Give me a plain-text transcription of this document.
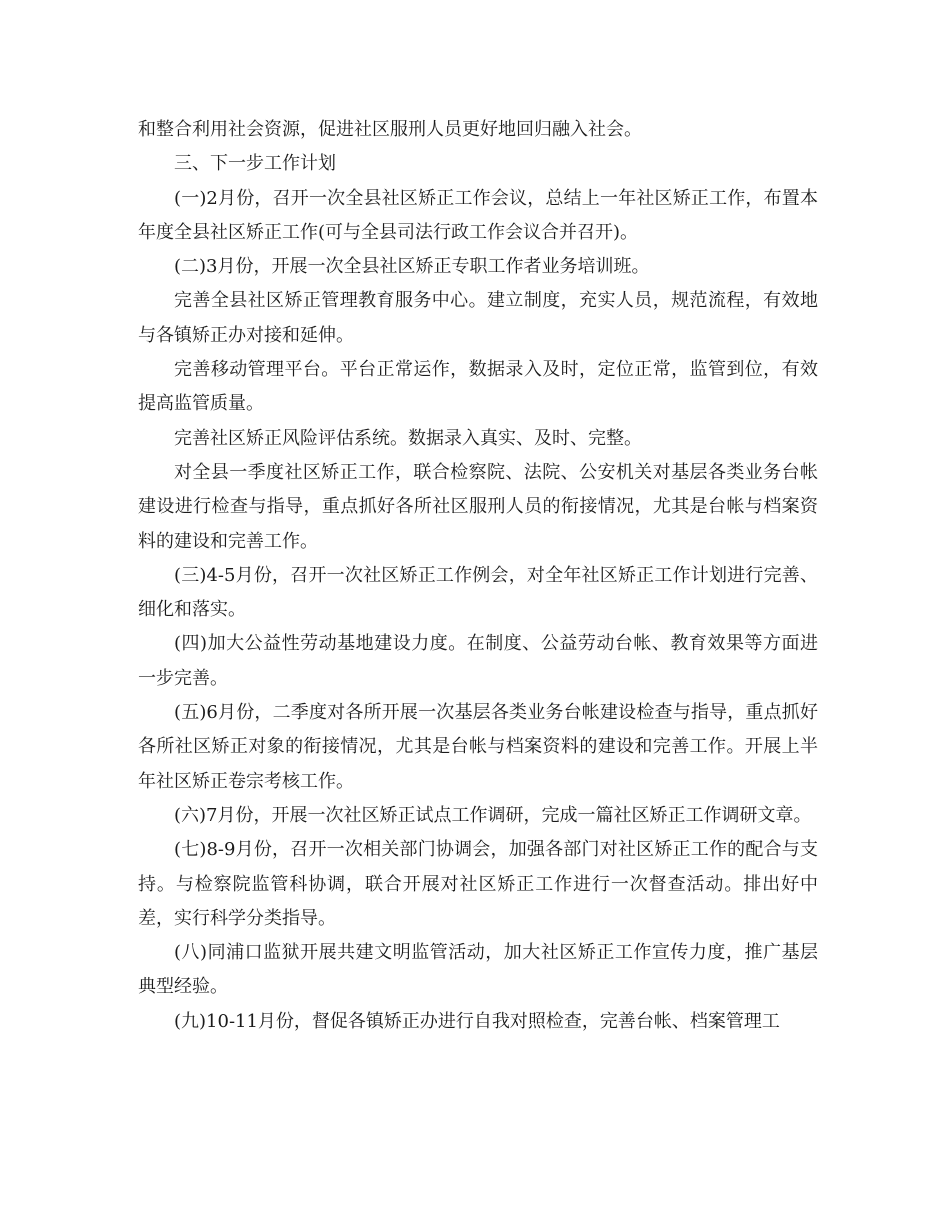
和整合利用社会资源，促进社区服刑人员更好地回归融入社会。

三、下一步工作计划

(一)2月份，召开一次全县社区矫正工作会议，总结上一年社区矫正工作，布置本年度全县社区矫正工作(可与全县司法行政工作会议合并召开)。

(二)3月份，开展一次全县社区矫正专职工作者业务培训班。

完善全县社区矫正管理教育服务中心。建立制度，充实人员，规范流程，有效地与各镇矫正办对接和延伸。

完善移动管理平台。平台正常运作，数据录入及时，定位正常，监管到位，有效提高监管质量。

完善社区矫正风险评估系统。数据录入真实、及时、完整。

对全县一季度社区矫正工作，联合检察院、法院、公安机关对基层各类业务台帐建设进行检查与指导，重点抓好各所社区服刑人员的衔接情况，尤其是台帐与档案资料的建设和完善工作。

(三)4-5月份，召开一次社区矫正工作例会，对全年社区矫正工作计划进行完善、细化和落实。

(四)加大公益性劳动基地建设力度。在制度、公益劳动台帐、教育效果等方面进一步完善。

(五)6月份，二季度对各所开展一次基层各类业务台帐建设检查与指导，重点抓好各所社区矫正对象的衔接情况，尤其是台帐与档案资料的建设和完善工作。开展上半年社区矫正卷宗考核工作。

(六)7月份，开展一次社区矫正试点工作调研，完成一篇社区矫正工作调研文章。

(七)8-9月份，召开一次相关部门协调会，加强各部门对社区矫正工作的配合与支持。与检察院监管科协调，联合开展对社区矫正工作进行一次督查活动。排出好中差，实行科学分类指导。

(八)同浦口监狱开展共建文明监管活动，加大社区矫正工作宣传力度，推广基层典型经验。

(九)10-11月份，督促各镇矫正办进行自我对照检查，完善台帐、档案管理工
